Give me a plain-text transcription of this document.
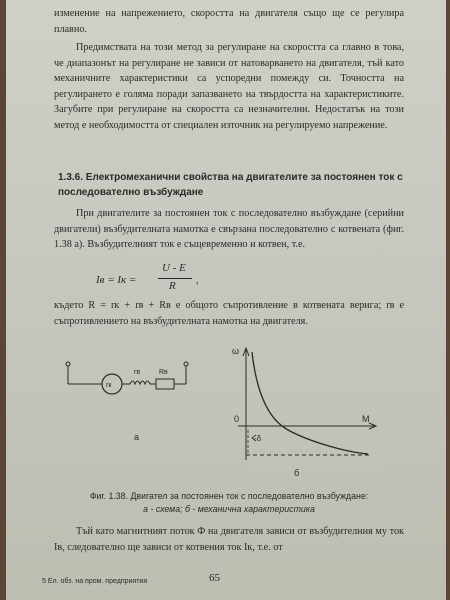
изменение на напрежението, скоростта на двигателя също ще се регулира плавно.

Предимствата на този метод за регулиране на скоростта са главно в това, че диапазонът на регулиране не зависи от натоварването на двигателя, тъй като механичните характеристики са успоредни помежду си. Точността на регулирането е голяма поради запазването на твърдостта на характеристиките. Загубите при регулиране на скоростта са незначителни. Недостатък на този метод е необходимостта от специален източник на регулируемо напрежение.

1.3.6. Електромеханични свойства на двигателите за постоянен ток с последователно възбуждане

При двигателите за постоянен ток с последователно възбуждане (серийни двигатели) възбудителната намотка е свързана последователно с котвената (фиг. 1.38 а). Възбудителният ток е същевременно и котвен, т.е.

Iв = Iк =
U - E
R ,

където R = rк + rв + Rв е общото съпротивление в котвената верига; rв е съпротивлението на възбудителната намотка на двигателя.

rк
rв	Rв
a
ω
M
0
-δ
б
Фиг. 1.38. Двигател за постоянен ток с последователно възбуждане:
а - схема; б - механична характеристика

Тъй като магнитният поток Ф на двигателя зависи от възбудителния му ток Iв, следователно ще зависи от котвения ток Iк, т.е. от

5 Ел. обз. на пром. предприятия	65
